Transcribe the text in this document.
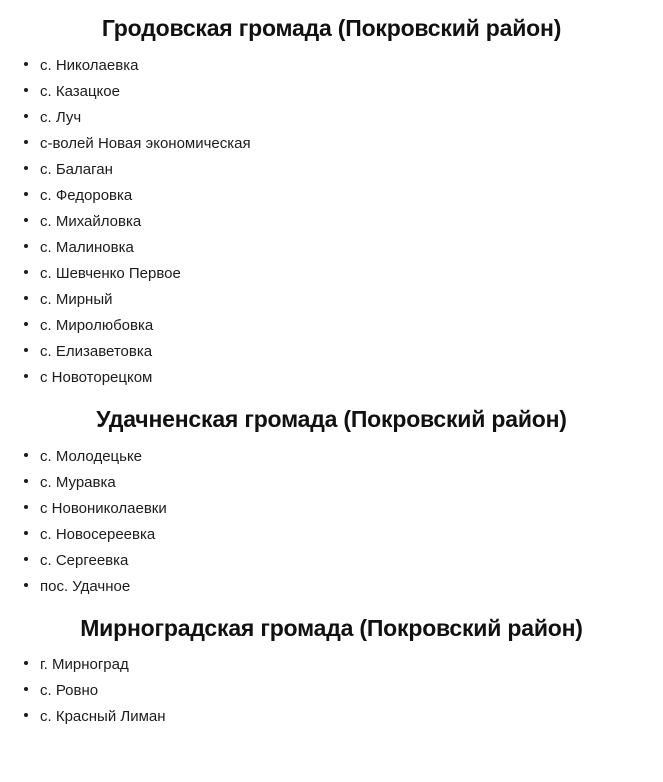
Гродовская громада (Покровский район)
с. Николаевка
с. Казацкое
с. Луч
с-волей Новая экономическая
с. Балаган
с. Федоровка
с. Михайловка
с. Малиновка
с. Шевченко Первое
с. Мирный
с. Миролюбовка
с. Елизаветовка
с Новоторецком
Удачненская громада (Покровский район)
с. Молодецьке
с. Муравка
с Новониколаевки
с. Новосереевка
с. Сергеевка
пос. Удачное
Мирноградская громада (Покровский район)
г. Мирноград
с. Ровно
с. Красный Лиман
